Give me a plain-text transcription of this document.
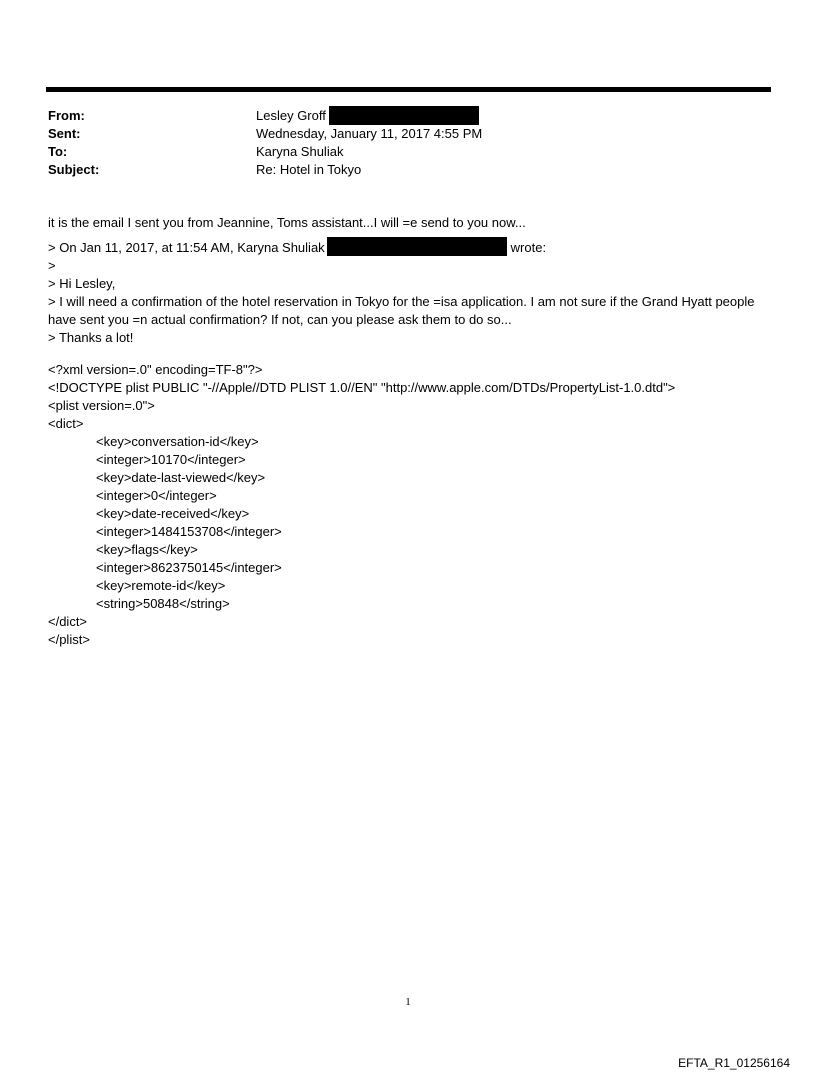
From:	Lesley Groff
Sent:	Wednesday, January 11, 2017 4:55 PM
To:	Karyna Shuliak
Subject:	Re: Hotel in Tokyo
it is the email I sent you from Jeannine, Toms assistant...I will =e send to you now...
> On Jan 11, 2017, at 11:54 AM, Karyna Shuliak	wrote:
>
> Hi Lesley,
> I will need a confirmation of the hotel reservation in Tokyo for the =isa application. I am not sure if the Grand Hyatt people have sent you =n actual confirmation? If not, can you please ask them to do so...
> Thanks a lot!
<?xml version=.0" encoding=TF-8"?>
<!DOCTYPE plist PUBLIC "-//Apple//DTD PLIST 1.0//EN" "http://www.apple.com/DTDs/PropertyList-1.0.dtd">
<plist version=.0">
<dict>
<key>conversation-id</key>
<integer>10170</integer>
<key>date-last-viewed</key>
<integer>0</integer>
<key>date-received</key>
<integer>1484153708</integer>
<key>flags</key>
<integer>8623750145</integer>
<key>remote-id</key>
<string>50848</string>
</dict>
</plist>
1
EFTA_R1_01256164
